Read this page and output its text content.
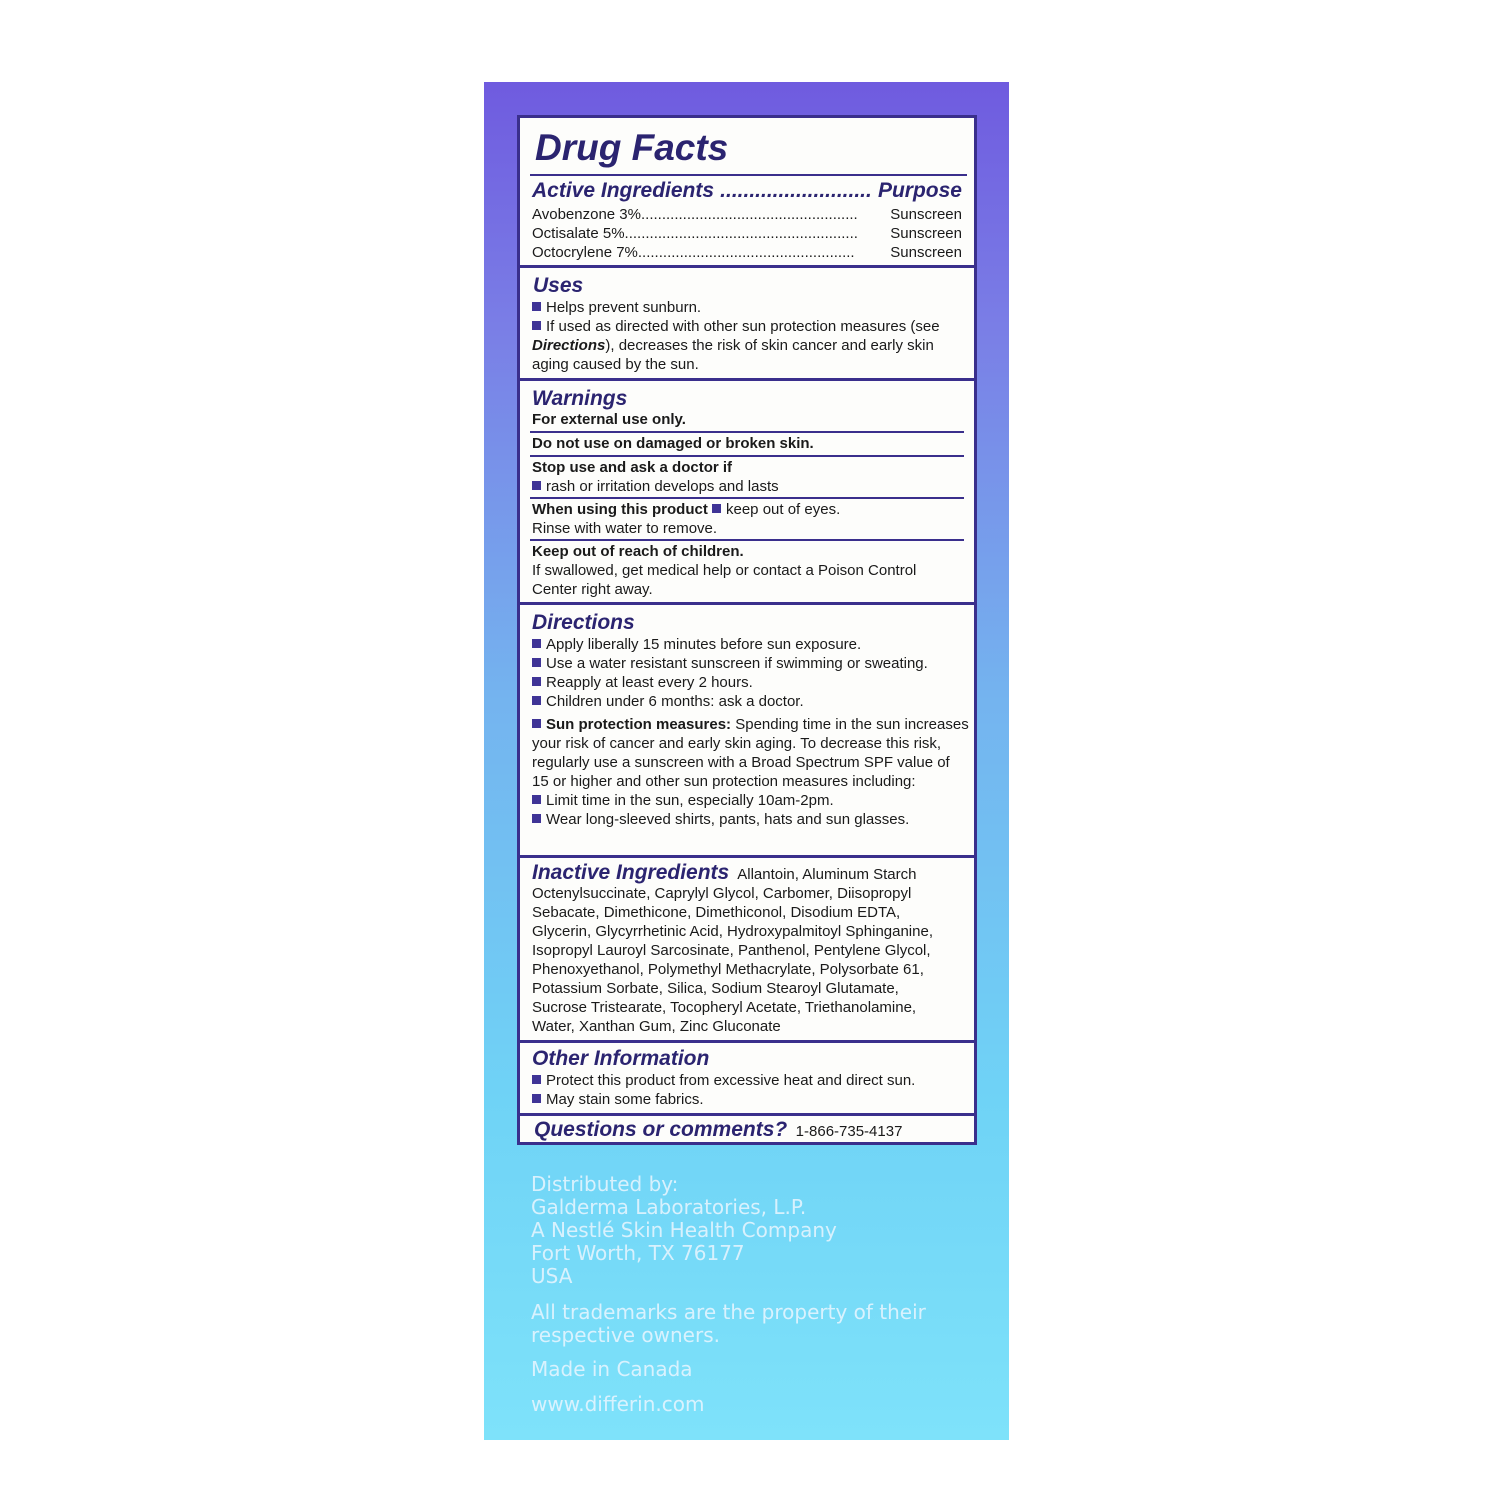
Drug Facts
Active Ingredients .......................... Purpose
Avobenzone 3% ....................................................	Sunscreen
Octisalate 5%. .......................................................	Sunscreen
Octocrylene 7% ....................................................	Sunscreen
Uses
Helps prevent sunburn.
If used as directed with other sun protection measures (see Directions), decreases the risk of skin cancer and early skin aging caused by the sun.
Warnings
For external use only.
Do not use on damaged or broken skin.
Stop use and ask a doctor if
rash or irritation develops and lasts
When using this product keep out of eyes.
Rinse with water to remove.
Keep out of reach of children.
If swallowed, get medical help or contact a Poison Control Center right away.
Directions
Apply liberally 15 minutes before sun exposure.
Use a water resistant sunscreen if swimming or sweating.
Reapply at least every 2 hours.
Children under 6 months: ask a doctor.
Sun protection measures: Spending time in the sun increases your risk of cancer and early skin aging. To decrease this risk, regularly use a sunscreen with a Broad Spectrum SPF value of 15 or higher and other sun protection measures including:
Limit time in the sun, especially 10am-2pm.
Wear long-sleeved shirts, pants, hats and sun glasses.
Inactive Ingredients Allantoin, Aluminum Starch Octenylsuccinate, Caprylyl Glycol, Carbomer, Diisopropyl Sebacate, Dimethicone, Dimethiconol, Disodium EDTA, Glycerin, Glycyrrhetinic Acid, Hydroxypalmitoyl Sphinganine, Isopropyl Lauroyl Sarcosinate, Panthenol, Pentylene Glycol, Phenoxyethanol, Polymethyl Methacrylate, Polysorbate 61, Potassium Sorbate, Silica, Sodium Stearoyl Glutamate, Sucrose Tristearate, Tocopheryl Acetate, Triethanolamine, Water, Xanthan Gum, Zinc Gluconate
Other Information
Protect this product from excessive heat and direct sun.
May stain some fabrics.
Questions or comments? 1-866-735-4137
Distributed by:
Galderma Laboratories, L.P.
A Nestlé Skin Health Company
Fort Worth, TX 76177
USA
All trademarks are the property of their respective owners.
Made in Canada
www.differin.com
